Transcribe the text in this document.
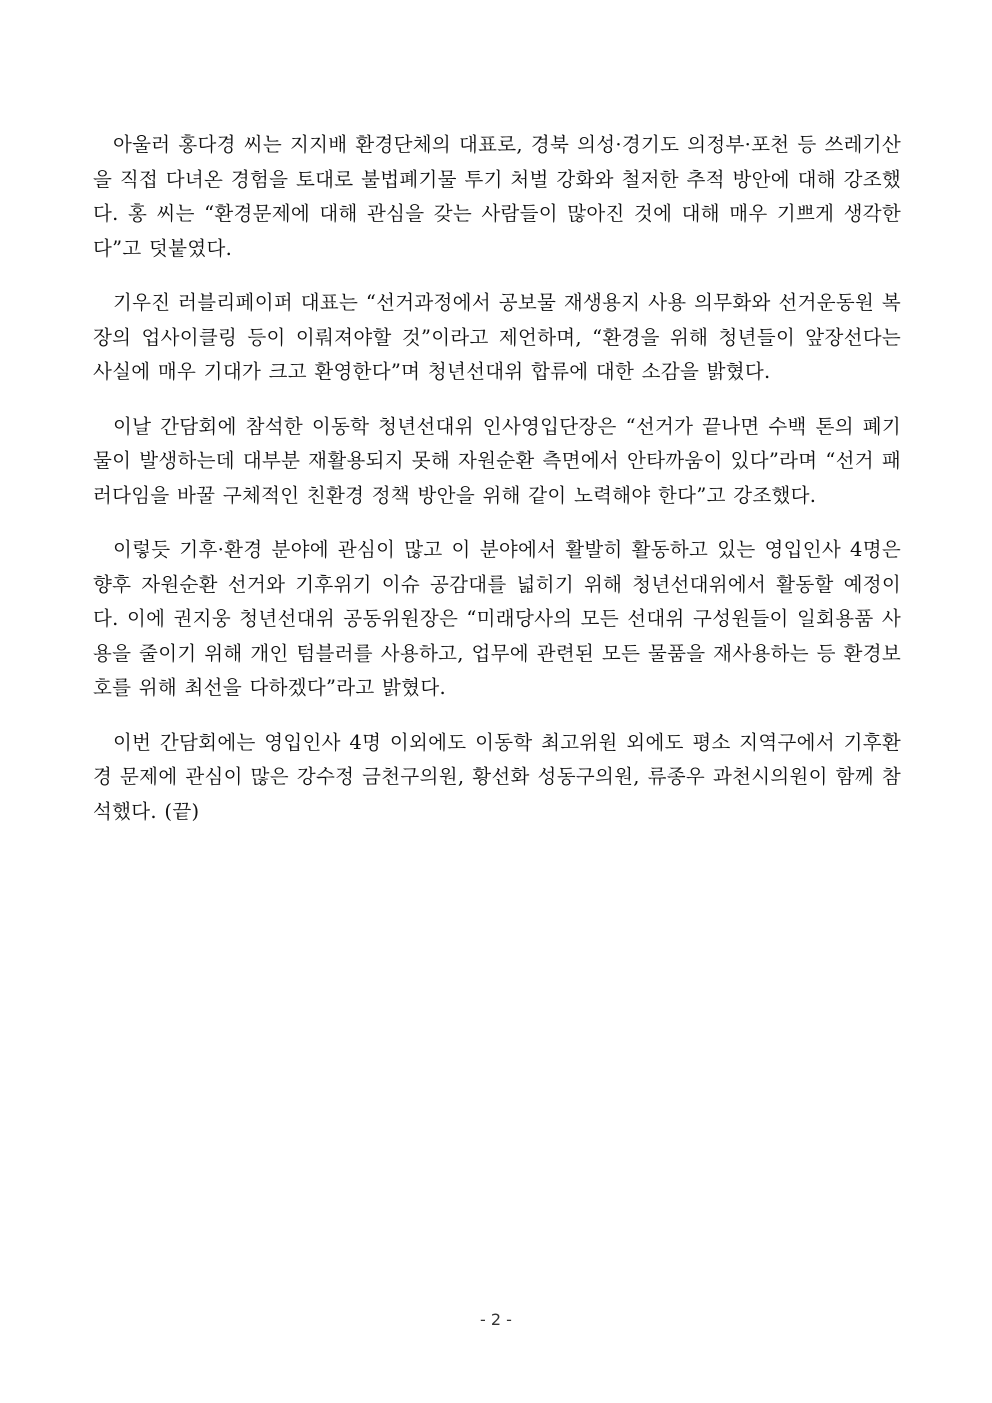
아울러 홍다경 씨는 지지배 환경단체의 대표로, 경북 의성·경기도 의정부·포천 등 쓰레기산을 직접 다녀온 경험을 토대로 불법폐기물 투기 처벌 강화와 철저한 추적 방안에 대해 강조했다. 홍 씨는 “환경문제에 대해 관심을 갖는 사람들이 많아진 것에 대해 매우 기쁘게 생각한다”고 덧붙였다.

기우진 러블리페이퍼 대표는 “선거과정에서 공보물 재생용지 사용 의무화와 선거운동원 복장의 업사이클링 등이 이뤄져야할 것”이라고 제언하며, “환경을 위해 청년들이 앞장선다는 사실에 매우 기대가 크고 환영한다”며 청년선대위 합류에 대한 소감을 밝혔다.

이날 간담회에 참석한 이동학 청년선대위 인사영입단장은 “선거가 끝나면 수백 톤의 폐기물이 발생하는데 대부분 재활용되지 못해 자원순환 측면에서 안타까움이 있다”라며 “선거 패러다임을 바꿀 구체적인 친환경 정책 방안을 위해 같이 노력해야 한다”고 강조했다.

이렇듯 기후·환경 분야에 관심이 많고 이 분야에서 활발히 활동하고 있는 영입인사 4명은 향후 자원순환 선거와 기후위기 이슈 공감대를 넓히기 위해 청년선대위에서 활동할 예정이다. 이에 권지웅 청년선대위 공동위원장은 “미래당사의 모든 선대위 구성원들이 일회용품 사용을 줄이기 위해 개인 텀블러를 사용하고, 업무에 관련된 모든 물품을 재사용하는 등 환경보호를 위해 최선을 다하겠다”라고 밝혔다.

이번 간담회에는 영입인사 4명 이외에도 이동학 최고위원 외에도 평소 지역구에서 기후환경 문제에 관심이 많은 강수정 금천구의원, 황선화 성동구의원, 류종우 과천시의원이 함께 참석했다. (끝)

- 2 -
